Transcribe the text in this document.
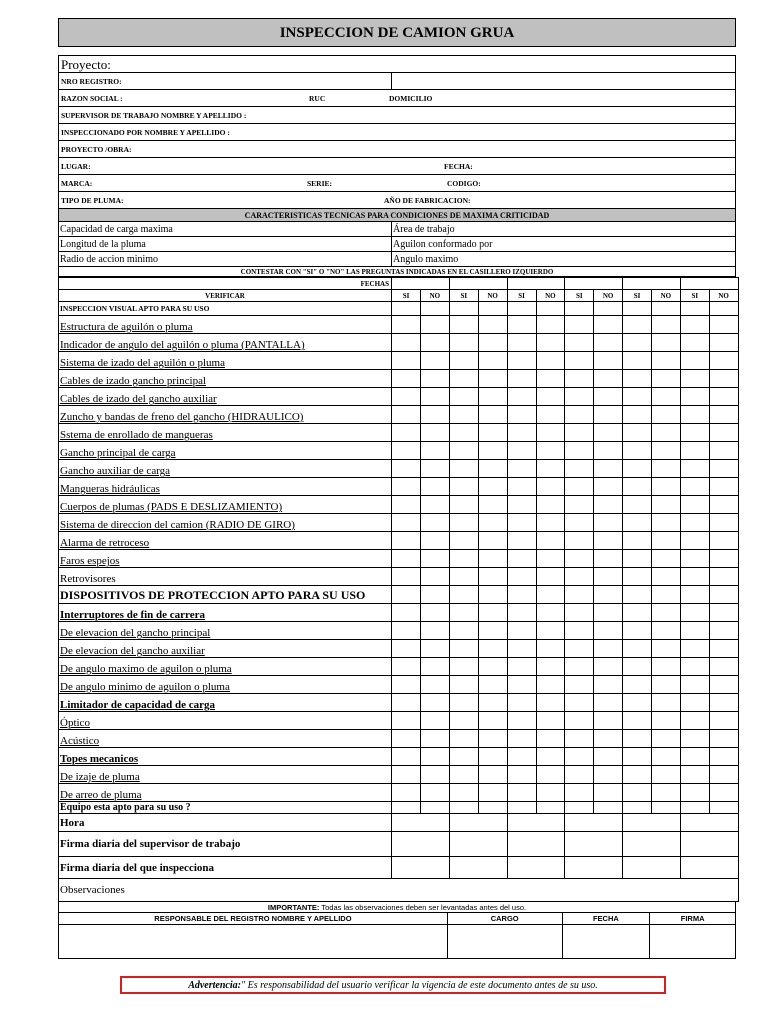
INSPECCION DE CAMION GRUA
Proyecto:
NRO REGISTRO:
RAZON SOCIAL :	RUC	DOMICILIO
SUPERVISOR DE TRABAJO NOMBRE Y APELLIDO :
INSPECCIONADO POR NOMBRE Y APELLIDO :
PROYECTO /OBRA:
LUGAR:	FECHA:
MARCA:	SERIE:	CODIGO:
TIPO DE PLUMA:	AÑO DE FABRICACION:
CARACTERISTICAS TECNICAS PARA CONDICIONES DE MAXIMA CRITICIDAD
Capacidad de carga maxima	Área de trabajo
Longitud de la pluma	Aguilon conformado por
Radio de accion minimo	Angulo maximo
CONTESTAR CON "SI" O "NO" LAS PREGUNTAS INDICADAS EN EL CASILLERO IZQUIERDO
FECHAS												
VERIFICAR	SI	NO	SI	NO	SI	NO	SI	NO	SI	NO	SI	NO
INSPECCION VISUAL APTO PARA SU USO												
Estructura de aguilón o pluma												
Indicador de angulo del aguilón o pluma (PANTALLA)												
Sistema de izado del aguilón o pluma												
Cables de izado gancho principal												
Cables de izado del gancho auxiliar												
Zuncho y bandas de freno del gancho (HIDRAULICO)												
Sstema de enrollado de mangueras												
Gancho principal de carga												
Gancho auxiliar de carga												
Mangueras hidráulicas												
Cuerpos de plumas (PADS E DESLIZAMIENTO)												
Sistema de direccion del camion (RADIO DE GIRO)												
Alarma de retroceso												
Faros espejos												
Retrovisores												
DISPOSITIVOS DE PROTECCION APTO PARA SU USO												
Interruptores de fin de carrera												
De elevacion del gancho principal												
De elevacion del gancho auxiliar												
De angulo maximo de aguilon o pluma												
De angulo minimo de aguilon o pluma												
Limitador de capacidad de carga												
Óptico												
Acústico												
Topes mecanicos												
De izaje de pluma												
De arreo de pluma												
Equipo esta apto para su uso ?												
Hora												
Firma diaria del supervisor de trabajo												
Firma diaria del que inspecciona												
Observaciones												
IMPORTANTE: Todas las observaciones deben ser levantadas antes del uso.
RESPONSABLE DEL REGISTRO NOMBRE Y APELLIDO	CARGO	FECHA	FIRMA
Advertencia:" Es responsabilidad del usuario verificar la vigencia de este documento antes de su uso.
